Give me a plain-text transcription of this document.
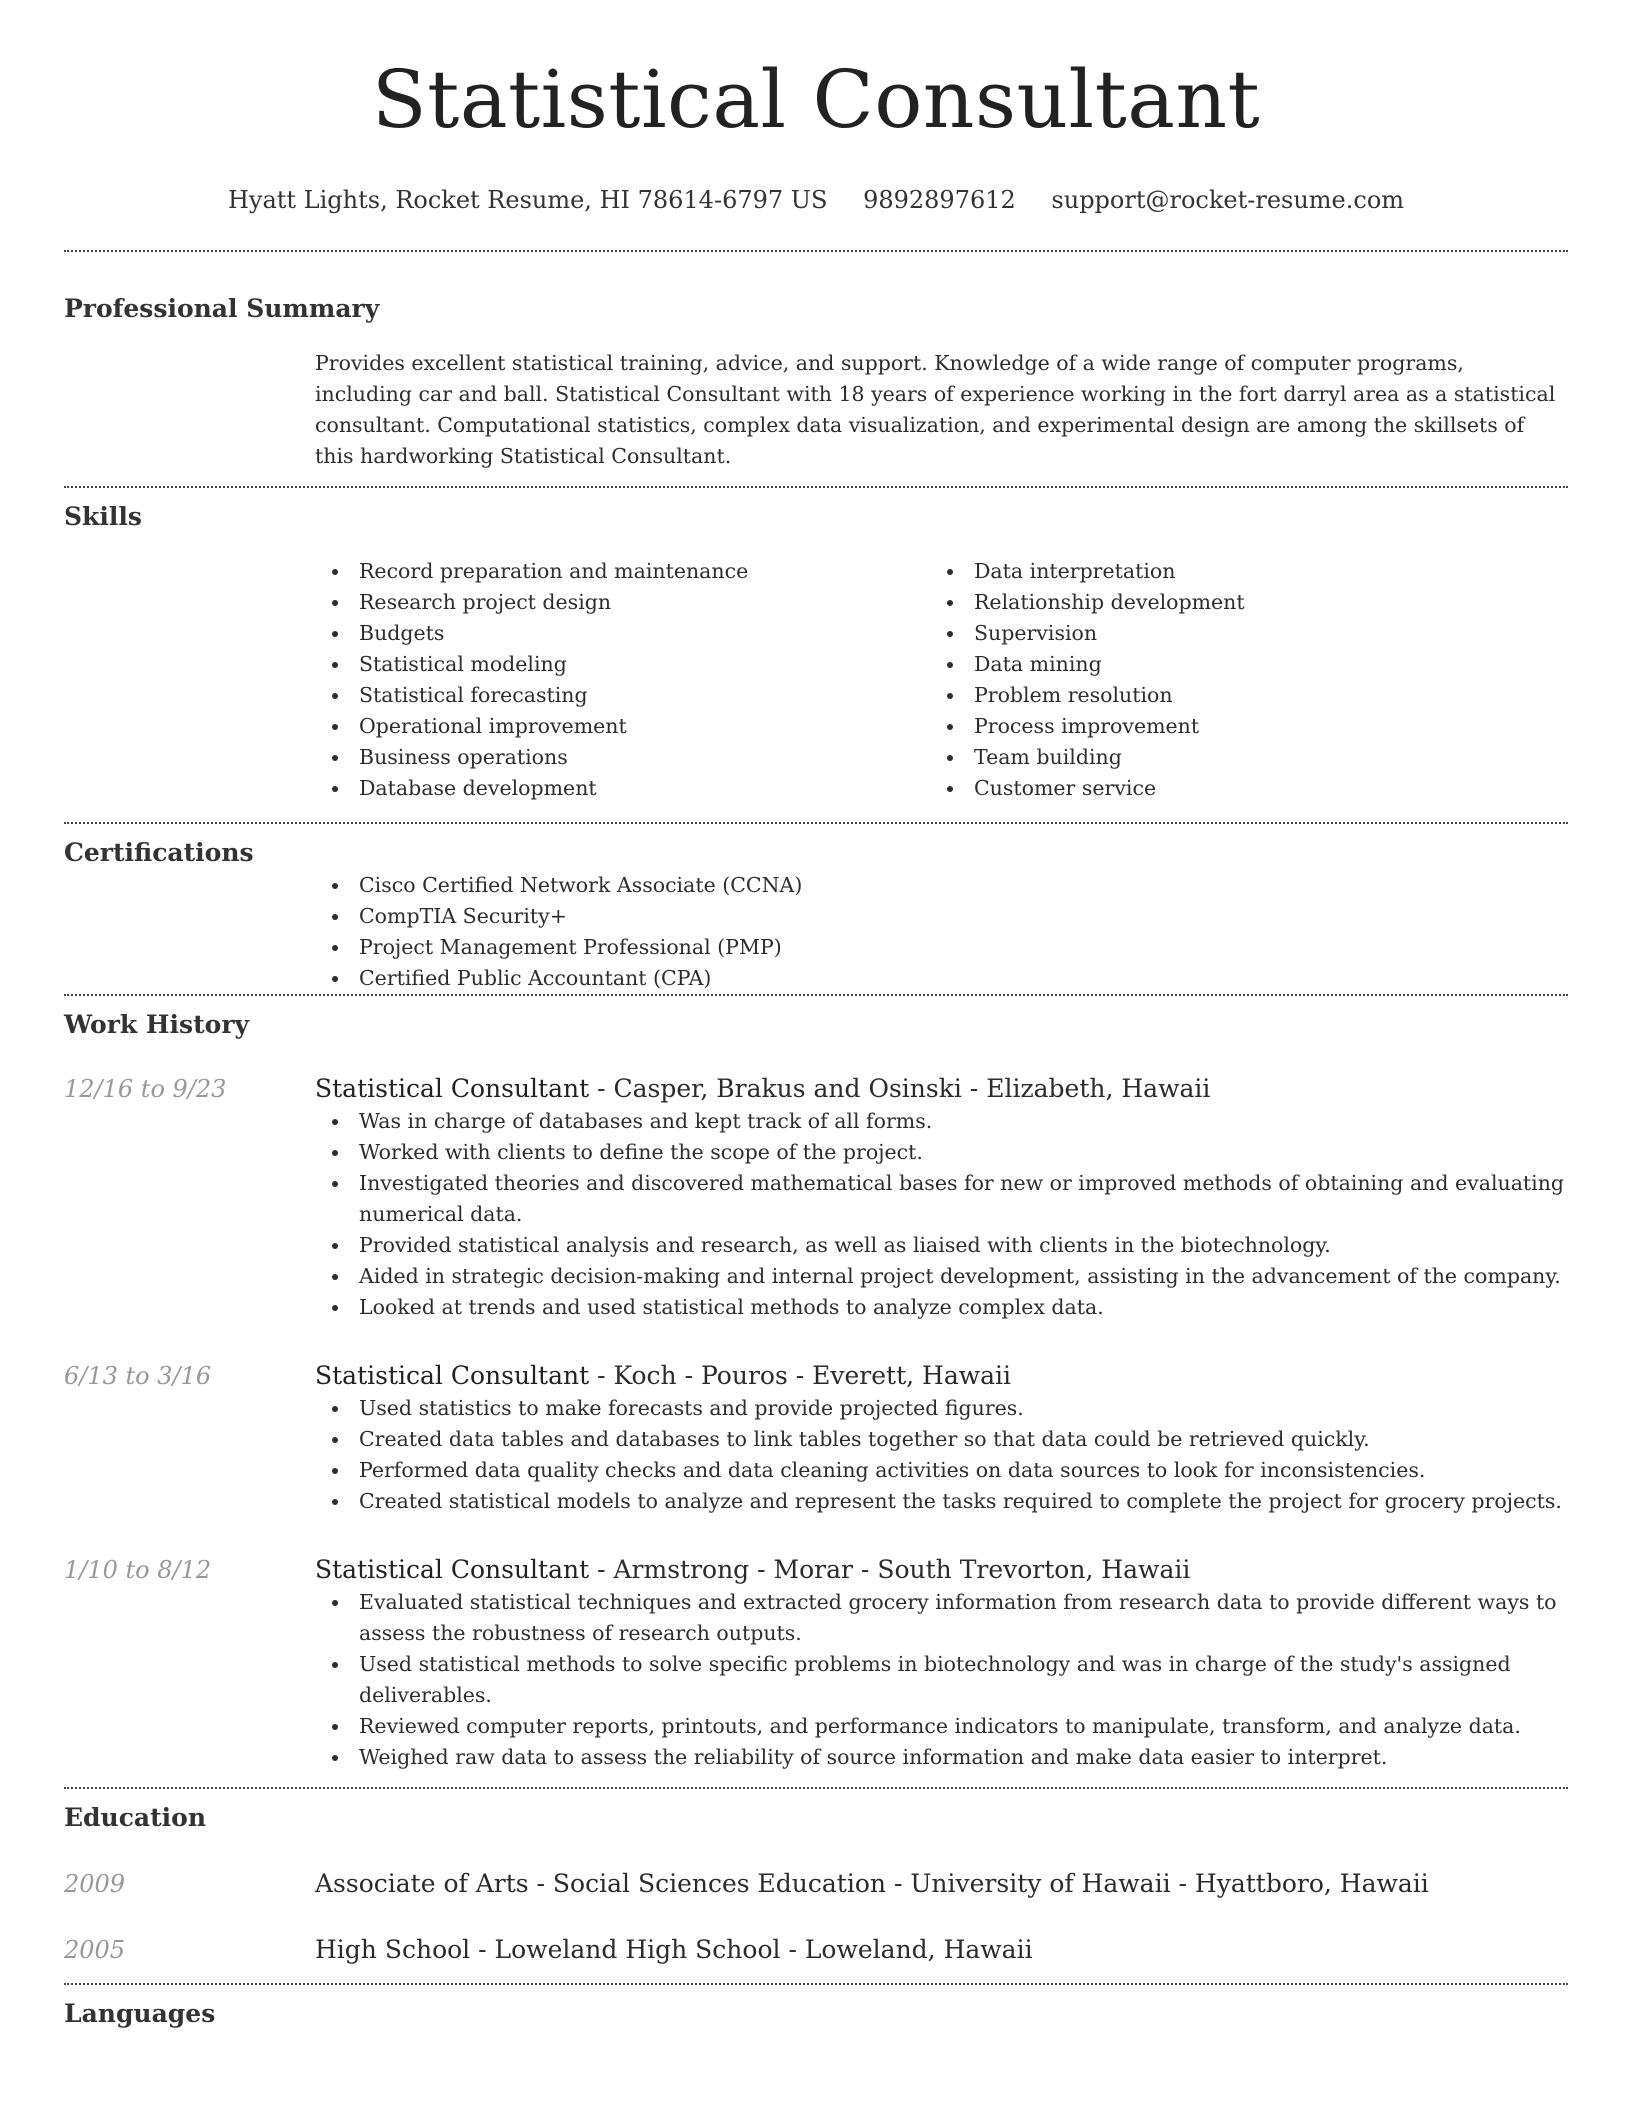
Statistical Consultant
Hyatt Lights, Rocket Resume, HI 78614-6797 US 9892897612 support@rocket-resume.com
Professional Summary

Provides excellent statistical training, advice, and support. Knowledge of a wide range of computer programs, including car and ball. Statistical Consultant with 18 years of experience working in the fort darryl area as a statistical consultant. Computational statistics, complex data visualization, and experimental design are among the skillsets of this hardworking Statistical Consultant.

Skills
Record preparation and maintenance
Research project design
Budgets
Statistical modeling
Statistical forecasting
Operational improvement
Business operations
Database development
Data interpretation
Relationship development
Supervision
Data mining
Problem resolution
Process improvement
Team building
Customer service
Certifications
Cisco Certified Network Associate (CCNA)
CompTIA Security+
Project Management Professional (PMP)
Certified Public Accountant (CPA)
Work History
12/16 to 9/23	Statistical Consultant - Casper, Brakus and Osinski - Elizabeth, Hawaii
Was in charge of databases and kept track of all forms.
Worked with clients to define the scope of the project.
Investigated theories and discovered mathematical bases for new or improved methods of obtaining and evaluating numerical data.
Provided statistical analysis and research, as well as liaised with clients in the biotechnology.
Aided in strategic decision-making and internal project development, assisting in the advancement of the company.
Looked at trends and used statistical methods to analyze complex data.
6/13 to 3/16	Statistical Consultant - Koch - Pouros - Everett, Hawaii
Used statistics to make forecasts and provide projected figures.
Created data tables and databases to link tables together so that data could be retrieved quickly.
Performed data quality checks and data cleaning activities on data sources to look for inconsistencies.
Created statistical models to analyze and represent the tasks required to complete the project for grocery projects.
1/10 to 8/12	Statistical Consultant - Armstrong - Morar - South Trevorton, Hawaii
Evaluated statistical techniques and extracted grocery information from research data to provide different ways to assess the robustness of research outputs.
Used statistical methods to solve specific problems in biotechnology and was in charge of the study's assigned deliverables.
Reviewed computer reports, printouts, and performance indicators to manipulate, transform, and analyze data.
Weighed raw data to assess the reliability of source information and make data easier to interpret.
Education
2009	Associate of Arts - Social Sciences Education - University of Hawaii - Hyattboro, Hawaii
2005	High School - Loweland High School - Loweland, Hawaii
Languages
